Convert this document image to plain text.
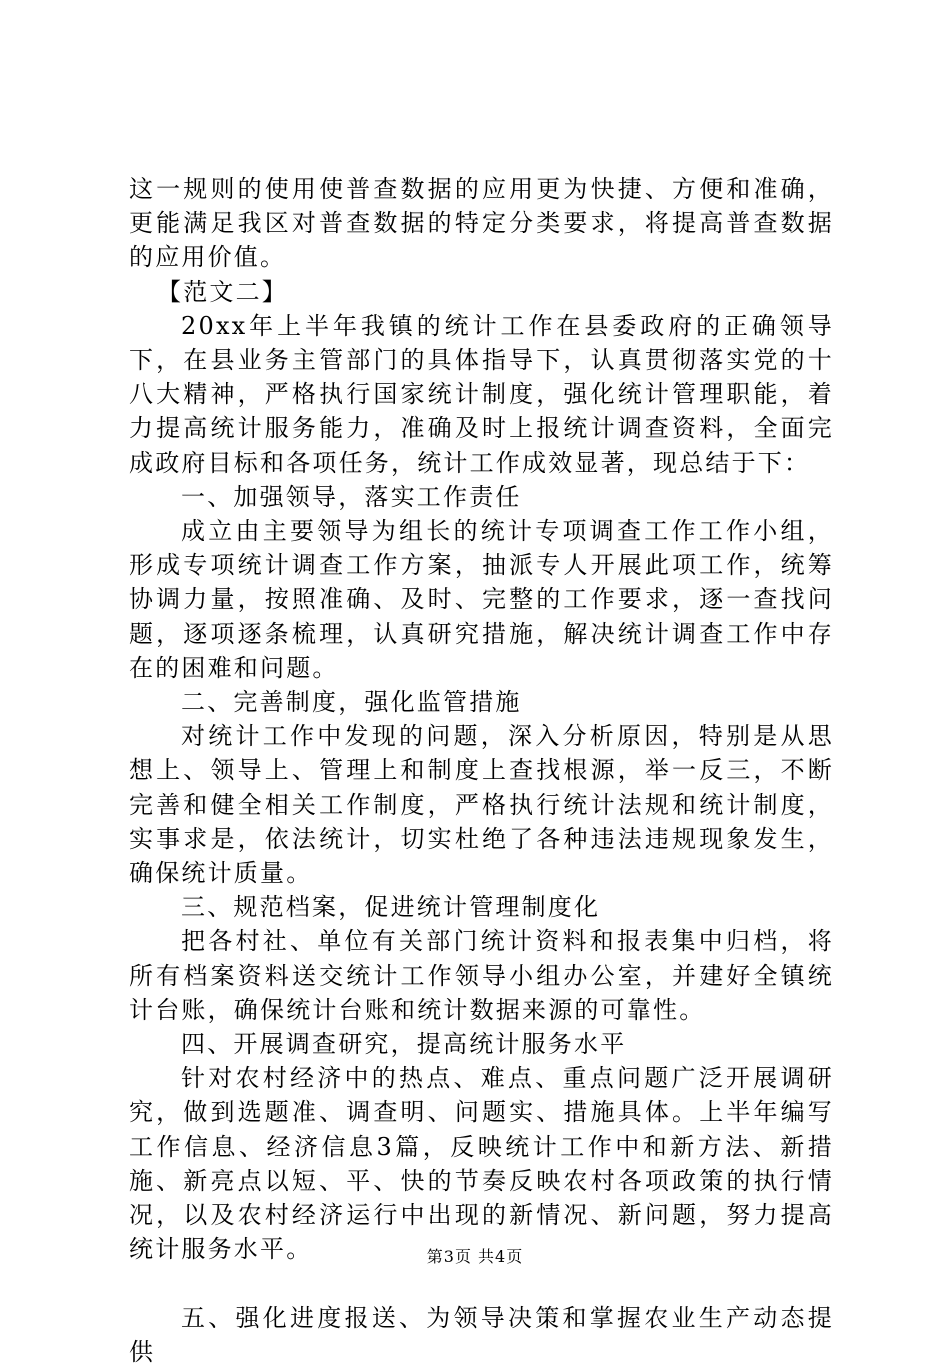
这一规则的使用使普查数据的应用更为快捷、方便和准确，更能满足我区对普查数据的特定分类要求，将提高普查数据的应用价值。

【范文二】

20xx年上半年我镇的统计工作在县委政府的正确领导下，在县业务主管部门的具体指导下，认真贯彻落实党的十八大精神，严格执行国家统计制度，强化统计管理职能，着力提高统计服务能力，准确及时上报统计调查资料，全面完成政府目标和各项任务，统计工作成效显著，现总结于下：

一、加强领导，落实工作责任

成立由主要领导为组长的统计专项调查工作工作小组，形成专项统计调查工作方案，抽派专人开展此项工作，统筹协调力量，按照准确、及时、完整的工作要求，逐一查找问题，逐项逐条梳理，认真研究措施，解决统计调查工作中存在的困难和问题。

二、完善制度，强化监管措施

对统计工作中发现的问题，深入分析原因，特别是从思想上、领导上、管理上和制度上查找根源，举一反三，不断完善和健全相关工作制度，严格执行统计法规和统计制度，实事求是，依法统计，切实杜绝了各种违法违规现象发生，确保统计质量。

三、规范档案，促进统计管理制度化

把各村社、单位有关部门统计资料和报表集中归档，将所有档案资料送交统计工作领导小组办公室，并建好全镇统计台账，确保统计台账和统计数据来源的可靠性。

四、开展调查研究，提高统计服务水平

针对农村经济中的热点、难点、重点问题广泛开展调研究，做到选题准、调查明、问题实、措施具体。上半年编写工作信息、经济信息3篇，反映统计工作中和新方法、新措施、新亮点以短、平、快的节奏反映农村各项政策的执行情况，以及农村经济运行中出现的新情况、新问题，努力提高统计服务水平。

五、强化进度报送、为领导决策和掌握农业生产动态提供

第3页 共4页
